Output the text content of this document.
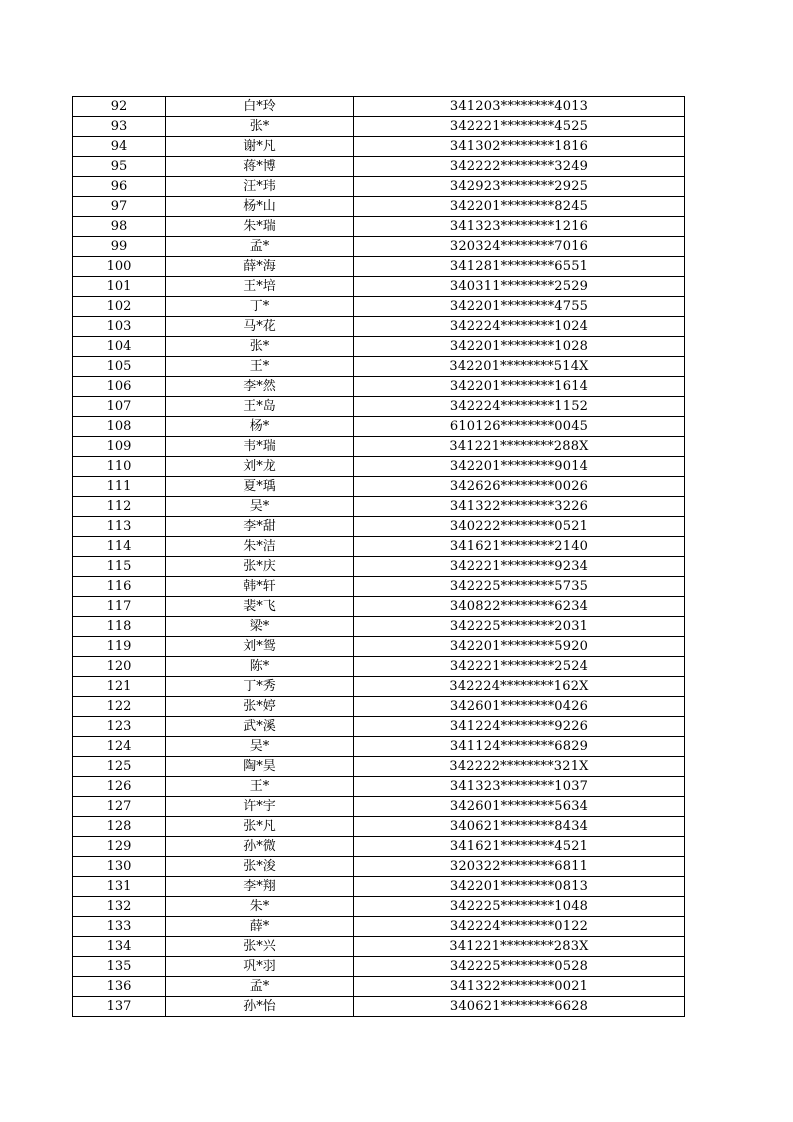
92	白*玲	341203********4013
93	张*	342221********4525
94	谢*凡	341302********1816
95	蒋*博	342222********3249
96	汪*玮	342923********2925
97	杨*山	342201********8245
98	朱*瑞	341323********1216
99	孟*	320324********7016
100	薛*海	341281********6551
101	王*培	340311********2529
102	丁*	342201********4755
103	马*花	342224********1024
104	张*	342201********1028
105	王*	342201********514X
106	李*然	342201********1614
107	王*岛	342224********1152
108	杨*	610126********0045
109	韦*瑞	341221********288X
110	刘*龙	342201********9014
111	夏*瑀	342626********0026
112	吴*	341322********3226
113	李*甜	340222********0521
114	朱*洁	341621********2140
115	张*庆	342221********9234
116	韩*轩	342225********5735
117	裴*飞	340822********6234
118	梁*	342225********2031
119	刘*鸳	342201********5920
120	陈*	342221********2524
121	丁*秀	342224********162X
122	张*婷	342601********0426
123	武*溪	341224********9226
124	吴*	341124********6829
125	陶*昊	342222********321X
126	王*	341323********1037
127	许*宇	342601********5634
128	张*凡	340621********8434
129	孙*微	341621********4521
130	张*浚	320322********6811
131	李*翔	342201********0813
132	朱*	342225********1048
133	薛*	342224********0122
134	张*兴	341221********283X
135	巩*羽	342225********0528
136	孟*	341322********0021
137	孙*怡	340621********6628
